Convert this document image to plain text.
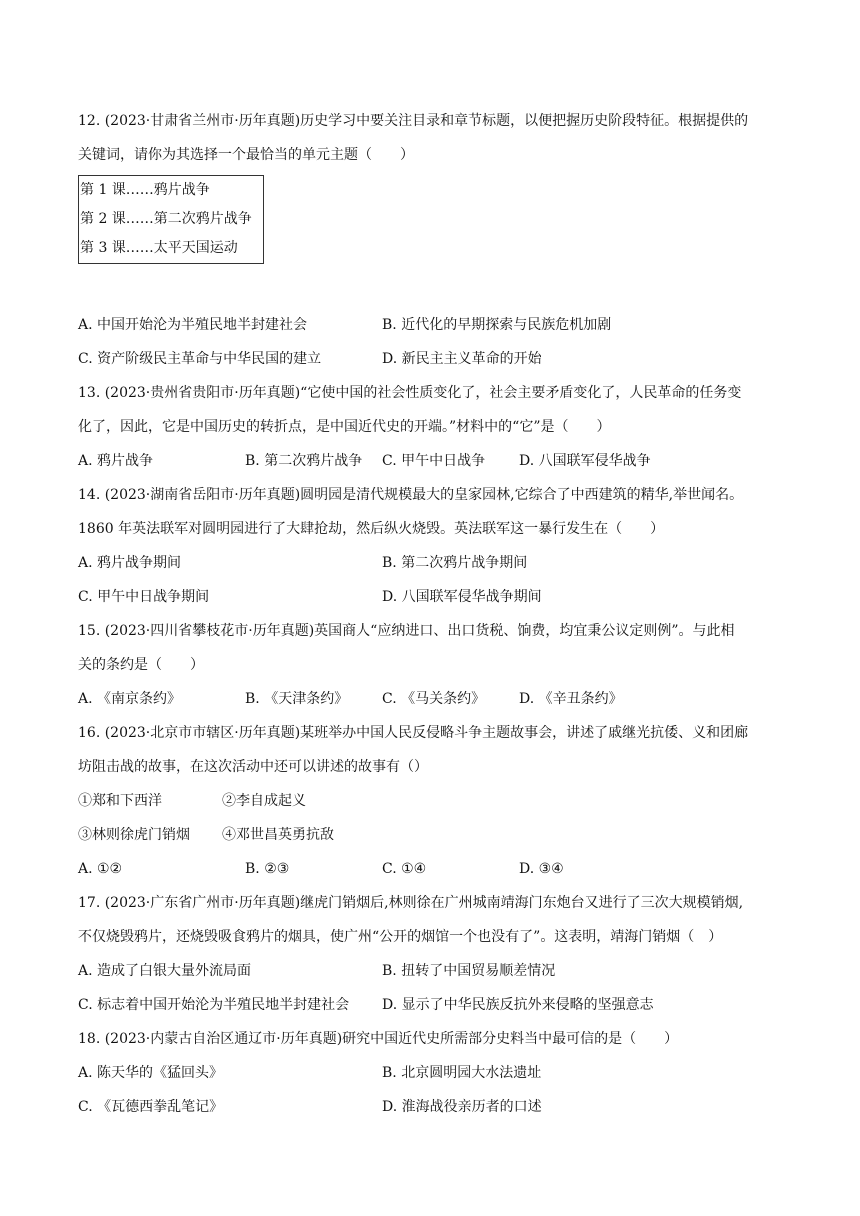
12. (2023·甘肃省兰州市·历年真题)历史学习中要关注目录和章节标题，以便把握历史阶段特征。根据提供的
关键词，请你为其选择一个最恰当的单元主题（　　）
第 1 课……鸦片战争
第 2 课……第二次鸦片战争
第 3 课……太平天国运动
A. 中国开始沦为半殖民地半封建社会	B. 近代化的早期探索与民族危机加剧
C. 资产阶级民主革命与中华民国的建立	D. 新民主主义革命的开始
13. (2023·贵州省贵阳市·历年真题)“它使中国的社会性质变化了，社会主要矛盾变化了，人民革命的任务变
化了，因此，它是中国历史的转折点，是中国近代史的开端。”材料中的“它”是（　　）
A. 鸦片战争	B. 第二次鸦片战争	C. 甲午中日战争	D. 八国联军侵华战争
14. (2023·湖南省岳阳市·历年真题)圆明园是清代规模最大的皇家园林,它综合了中西建筑的精华,举世闻名。
1860 年英法联军对圆明园进行了大肆抢劫，然后纵火烧毁。英法联军这一暴行发生在（　　）
A. 鸦片战争期间	B. 第二次鸦片战争期间
C. 甲午中日战争期间	D. 八国联军侵华战争期间
15. (2023·四川省攀枝花市·历年真题)英国商人“应纳进口、出口货税、饷费，均宜秉公议定则例”。与此相
关的条约是（　　）
A. 《南京条约》	B. 《天津条约》	C. 《马关条约》	D. 《辛丑条约》
16. (2023·北京市市辖区·历年真题)某班举办中国人民反侵略斗争主题故事会，讲述了戚继光抗倭、义和团廊
坊阻击战的故事，在这次活动中还可以讲述的故事有（）
①郑和下西洋	②李自成起义
③林则徐虎门销烟	④邓世昌英勇抗敌
A. ①②	B. ②③	C. ①④	D. ③④
17. (2023·广东省广州市·历年真题)继虎门销烟后,林则徐在广州城南靖海门东炮台又进行了三次大规模销烟,
不仅烧毁鸦片，还烧毁吸食鸦片的烟具，使广州“公开的烟馆一个也没有了”。这表明，靖海门销烟（　）
A. 造成了白银大量外流局面	B. 扭转了中国贸易顺差情况
C. 标志着中国开始沦为半殖民地半封建社会	D. 显示了中华民族反抗外来侵略的坚强意志
18. (2023·内蒙古自治区通辽市·历年真题)研究中国近代史所需部分史料当中最可信的是（　　）
A. 陈天华的《猛回头》	B. 北京圆明园大水法遗址
C. 《瓦德西拳乱笔记》	D. 淮海战役亲历者的口述
